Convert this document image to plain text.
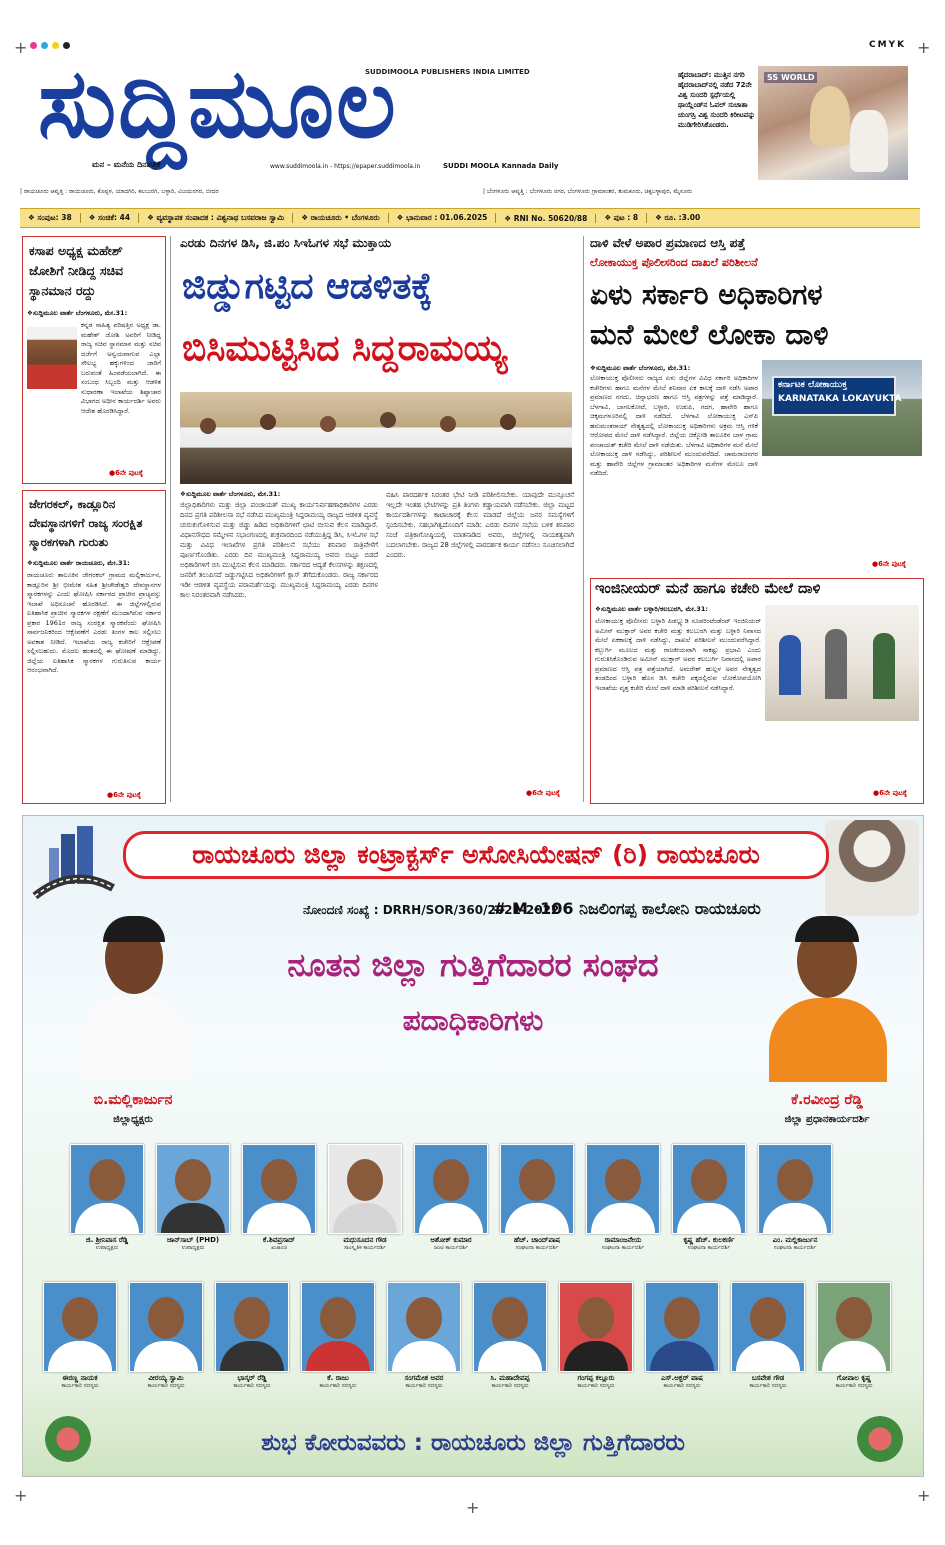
+	+
+	+
+
CMYK
ಸುದ್ದಿಮೂಲ
SUDDIMOOLA PUBLISHERS INDIA LIMITED
ಮನ – ಮನೆಯ ದಿನಪತ್ರಿಕೆ	www.suddimoola.in - https://epaper.suddimoola.in	SUDDI MOOLA Kannada Daily
ಹೈದರಾಬಾದ್: ಮುತ್ತಿನ ನಗರಿ ಹೈದರಾಬಾದ್‌ನಲ್ಲಿ ನಡೆದ 72ನೇ ವಿಶ್ವ ಸುಂದರಿ ಸ್ಪರ್ಧೆಯಲ್ಲಿ ಥಾಯ್ಲೆಂಡ್‌ನ ಓಪಲ್ ಸುಚಾತಾ ಚುಂಗಸ್ರಿ ವಿಶ್ವ ಸುಂದರಿ ಕಿರೀಟವನ್ನು ಮುಡಿಗೇರಿಸಿಕೊಂಡರು.
SS WORLD
| ರಾಯಚೂರು ಆವೃತ್ತಿ : ರಾಯಚೂರು, ಕೊಪ್ಪಳ, ಯಾದಗಿರಿ, ಕಲಬುರಗಿ, ಬಳ್ಳಾರಿ, ವಿಜಯನಗರ, ಬೀದರ	| ಬೆಂಗಳೂರು ಆವೃತ್ತಿ : ಬೆಂಗಳೂರು ನಗರ, ಬೆಂಗಳೂರು ಗ್ರಾಮಾಂತರ, ತುಮಕೂರು, ಚಿಕ್ಕಬಳ್ಳಾಪುರ, ಮೈಸೂರು
❖ ಸಂಪುಟ: 38	❖ ಸಂಚಿಕೆ: 44	❖ ವ್ಯವಸ್ಥಾಪಕ ಸಂಪಾದಕ : ವಿಶ್ವನಾಥ ಬಸವರಾಜ ಸ್ವಾಮಿ	❖ ರಾಯಚೂರು • ಬೆಂಗಳೂರು	❖ ಭಾನುವಾರ : 01.06.2025	❖ RNI No. 50620/88	❖ ಪುಟ : 8	❖ ರೂ. :3.00
ಕಸಾಪ ಅಧ್ಯಕ್ಷ ಮಹೇಶ್ ಜೋಶಿಗೆ ನೀಡಿದ್ದ ಸಚಿವ ಸ್ಥಾನಮಾನ ರದ್ದು
❖ಸುದ್ದಿಮೂಲ ವಾರ್ತೆ ಬೆಂಗಳೂರು, ಮೇ.31:
ಕನ್ನಡ ಸಾಹಿತ್ಯ ಪರಿಷತ್ತಿನ ಅಧ್ಯಕ್ಷ ಡಾ. ಮಹೇಶ್ ಜೋಶಿ ಅವರಿಗೆ ನೀಡಿದ್ದ ರಾಜ್ಯ ಸಚಿವ ಸ್ಥಾನಮಾನ ಮತ್ತು ಸಚಿವ ದರ್ಜೆಗೆ ಅನ್ವಯವಾಗುವ ಎಲ್ಲಾ ಸೌಲಭ್ಯ ಹಕ್ಕುಗಳಿಂದ ಜಾರಿಗೆ ಬರುವಂತೆ ಹಿಂಪಡೆಯಲಾಗಿದೆ. ಈ ಸಂಬಂಧ ಸಿಬ್ಬಂದಿ ಮತ್ತು ಆಡಳಿತ ಸುಧಾರಣಾ ಇಲಾಖೆಯ ಶಿಷ್ಟಾಚಾರ ವಿಭಾಗದ ಅಧೀನ ಕಾರ್ಯದರ್ಶಿ ಅವರು ಆದೇಶ ಹೊರಡಿಸಿದ್ದಾರೆ.
●6ನೇ ಪುಟಕ್ಕೆ
ಜೇಗರಕಲ್, ಕಾಡ್ಲೂರಿನ ದೇವಸ್ಥಾನಗಳಿಗೆ ರಾಜ್ಯ ಸಂರಕ್ಷಿತ ಸ್ಮಾರಕಗಳಾಗಿ ಗುರುತು
❖ಸುದ್ದಿಮೂಲ ವಾರ್ತೆ ರಾಯಚೂರು, ಮೇ.31:
ರಾಯಚೂರು ತಾಲೂಕಿನ ಜೇಗರಕಲ್ ಗ್ರಾಮದ ಮಲ್ಲಿಕಾರ್ಜುನ, ಕಾಡ್ಲೂರಿನ ಶ್ರೀ ಭೀಮೇಶ ಸಹಿತ ಶ್ರೀಚೌಡೇಶ್ವರಿ ದೇವಸ್ಥಾನಗಳ ಸ್ಮಾರಕಗಳನ್ನು ಎಂದು ಘೋಷಿಸಿ ಸರ್ಕಾರದ ಪ್ರಾಚೀನ ಪ್ರಾಚ್ಯವಸ್ತು ಇಲಾಖೆ ಅಧಿಸೂಚನೆ ಹೊರಡಿಸಿದೆ. ಈ ಜಿಲ್ಲೆಗಳಲ್ಲಿರುವ ಐತಿಹಾಸಿಕ ಪ್ರಾಚೀನ ಸ್ಮಾರಕಗಳ ರಕ್ಷಣೆಗೆ ಮುಂದಾಗಿರುವ ಸರ್ಕಾರ ಪ್ರಕಾರ 1961ರ ರಾಜ್ಯ ಸಂರಕ್ಷಿತ ಸ್ಮಾರಕವೆಂದು ಘೋಷಿಸಿ ಸಾರ್ವಜನಿಕರಿಂದ ಆಕ್ಷೇಪಣೆಗೆ ಎರಡು ತಿಂಗಳ ಕಾಲ ಸಲ್ಲಿಸಲು ಅವಕಾಶ ನೀಡಿದೆ. ಇಲಾಖೆಯ ರಾಜ್ಯ ಕಚೇರಿಗೆ ಆಕ್ಷೇಪಣೆ ಸಲ್ಲಿಸಬಹುದು. ಮೊದಲ ಹಂತದಲ್ಲಿ ಈ ಘೋಷಣೆ ಮಾಡಿದ್ದು, ಜಿಲ್ಲೆಯ ಐತಿಹಾಸಿಕ ಸ್ಮಾರಕಗಳ ಗುರುತಿಸುವ ಕಾರ್ಯ ಆರಂಭವಾಗಿದೆ.
●6ನೇ ಪುಟಕ್ಕೆ
ಎರಡು ದಿನಗಳ ಡಿಸಿ, ಜಿ.ಪಂ ಸಿಇಓಗಳ ಸಭೆ ಮುಕ್ತಾಯ
ಜಿಡ್ಡುಗಟ್ಟಿದ ಆಡಳಿತಕ್ಕೆ
ಬಿಸಿಮುಟ್ಟಿಸಿದ ಸಿದ್ದರಾಮಯ್ಯ
❖ಸುದ್ದಿಮೂಲ ವಾರ್ತೆ ಬೆಂಗಳೂರು, ಮೇ.31:
ಜಿಲ್ಲಾಧಿಕಾರಿಗಳು ಮತ್ತು ಜಿಲ್ಲಾ ಪಂಚಾಯತ್ ಮುಖ್ಯ ಕಾರ್ಯನಿರ್ವಹಣಾಧಿಕಾರಿಗಳ ಎರಡು ದಿನದ ಪ್ರಗತಿ ಪರಿಶೀಲನಾ ಸಭೆ ನಡೆಸಿದ ಮುಖ್ಯಮಂತ್ರಿ ಸಿದ್ದರಾಮಯ್ಯ ರಾಜ್ಯದ ಆಡಳಿತ ವ್ಯವಸ್ಥೆ ಚುರುಕುಗೊಳಿಸುವ ಮತ್ತು ಜಿಡ್ಡು ಹಿಡಿದ ಅಧಿಕಾರಿಗಳಿಗೆ ಛಾಟಿ ಬೀಸುವ ಕೆಲಸ ಮಾಡಿದ್ದಾರೆ. ವಿಧಾನಸೌಧದ ಸಮ್ಮೇಳನ ಸಭಾಂಗಣದಲ್ಲಿ ಶುಕ್ರವಾರದಿಂದ ನಡೆಯುತ್ತಿದ್ದ ಡಿಸಿ, ಸಿಇಓಗಳ ಸಭೆ ಮತ್ತು ವಿವಿಧ ಇಲಾಖೆಗಳ ಪ್ರಗತಿ ಪರಿಶೀಲನೆ ಸಭೆಯು ಶನಿವಾರ ರಾತ್ರಿವೇಳೆಗೆ ಪೂರ್ಣಗೊಂಡಿತು. ಎರಡು ದಿನ ಮುಖ್ಯಮಂತ್ರಿ ಸಿದ್ದರಾಮಯ್ಯ ಅವರು ಬಿಟ್ಟೂ ಬಿಡದೆ ಅಧಿಕಾರಿಗಳಿಗೆ ಬಿಸಿ ಮುಟ್ಟಿಸುವ ಕೆಲಸ ಮಾಡಿದರು. ಸರ್ಕಾರದ ಆದ್ಯತೆ ಕೆಲಸಗಳನ್ನು ತಕ್ಷಣದಲ್ಲಿ ಜನರಿಗೆ ತಲುಪಿಸದೆ ಜಡ್ಡುಗಟ್ಟಿಸಿದ ಅಧಿಕಾರಿಗಳಿಗೆ ಕ್ಲಾಸ್ ತೆಗೆದುಕೊಂಡರು. ರಾಜ್ಯ ಸರ್ಕಾರದ ಇಡೀ ಆಡಳಿತ ವ್ಯವಸ್ಥೆಯ ಪರಾಮರ್ಶೆಯನ್ನು ಮುಖ್ಯಮಂತ್ರಿ ಸಿದ್ದರಾಮಯ್ಯ ಎರಡು ದಿನಗಳ ಕಾಲ ನಿರಂತರವಾಗಿ ನಡೆಸಿದರು.
ವಹಿಸಿ ಪಾರದರ್ಶಕ ನಿರಂತರ ಭೇಟಿ ನೀಡಿ ಪರಿಶೀಲಿಸಬೇಕು. ಯಾವುದೇ ಮುನ್ಸೂಚನೆ ಇಲ್ಲದೇ ಇಂತಹ ಭೇಟಿಗಳನ್ನು ಪ್ರತಿ ತಿಂಗಳು ಕಡ್ಡಾಯವಾಗಿ ನಡೆಸಬೇಕು. ಜಿಲ್ಲಾ ಮಟ್ಟದ ಕಾರ್ಯದರ್ಶಿಗಳನ್ನು ಕಾಟಾಚಾರಕ್ಕೆ ಕೆಲಸ ಮಾಡದೆ ಜಿಲ್ಲೆಯ ಜನರ ಸಮಸ್ಯೆಗಳಿಗೆ ಸ್ಪಂದಿಸಬೇಕು. ಸಹಭಾಗಿತ್ವದೊಂದಿಗೆ ಮಾಡಿ: ಎರಡು ದಿನಗಳ ಸಭೆಯ ಬಳಿಕ ಶನಿವಾರ ಸಂಜೆ ಪತ್ರಿಕಾಗೋಷ್ಠಿಯಲ್ಲಿ ಮಾತನಾಡಿದ ಅವರು, ಜಿಲ್ಲೆಗಳಲ್ಲಿ ನಾಯಕತ್ವವಾಗಿ ಬದಲಾಗಬೇಕು. ರಾಜ್ಯದ 28 ಜಿಲ್ಲೆಗಳಲ್ಲಿ ಪಾರದರ್ಶಕ ಕಾರ್ಯ ನಡೆಸಲು ಸೂಚಿಸಲಾಗಿದೆ ಎಂದರು.
●6ನೇ ಪುಟಕ್ಕೆ
ದಾಳಿ ವೇಳೆ ಅಪಾರ ಪ್ರಮಾಣದ ಆಸ್ತಿ ಪತ್ತೆ
ಲೋಕಾಯುಕ್ತ ಪೊಲೀಸರಿಂದ ದಾಖಲೆ ಪರಿಶೀಲನೆ
ಏಳು ಸರ್ಕಾರಿ ಅಧಿಕಾರಿಗಳ
ಮನೆ ಮೇಲೆ ಲೋಕಾ ದಾಳಿ
❖ಸುದ್ದಿಮೂಲ ವಾರ್ತೆ ಬೆಂಗಳೂರು, ಮೇ.31:
ಕರ್ನಾಟಕ ಲೋಕಾಯುಕ್ತ
KARNATAKA LOKAYUKTA
ಲೋಕಾಯುಕ್ತ ಪೊಲೀಸರು ರಾಜ್ಯದ ಏಳು ಜಿಲ್ಲೆಗಳ ವಿವಿಧ ಸರ್ಕಾರಿ ಅಧಿಕಾರಿಗಳ ಕಚೇರಿಗಳು ಹಾಗೂ ಮನೆಗಳ ಮೇಲೆ ಶನಿವಾರ ಏಕ ಕಾಲಕ್ಕೆ ದಾಳಿ ನಡೆಸಿ ಅಪಾರ ಪ್ರಮಾಣದ ನಗದು, ಚಿನ್ನಾಭರಣ ಹಾಗೂ ಆಸ್ತಿ ಪತ್ರಗಳನ್ನು ಪತ್ತೆ ಮಾಡಿದ್ದಾರೆ. ಬೆಳಗಾವಿ, ಬಾಗಲಕೋಟೆ, ಬಳ್ಳಾರಿ, ಉಡುಪಿ, ಗದಗ, ಹಾವೇರಿ ಹಾಗೂ ಚಿಕ್ಕಮಗಳೂರಿನಲ್ಲಿ ದಾಳಿ ನಡೆದಿದೆ. ಬೆಳಗಾವಿ ಲೋಕಾಯುಕ್ತ ಎಸ್‌ಪಿ ಹನುಮಂತರಾಯ್ ನೇತೃತ್ವದಲ್ಲಿ ಲೋಕಾಯುಕ್ತ ಅಧಿಕಾರಿಗಳು ಅಕ್ರಮ ಆಸ್ತಿ ಗಳಿಕೆ ಆರೋಪದ ಮೇಲೆ ದಾಳಿ ನಡೆಸಿದ್ದಾರೆ. ಜಿಲ್ಲೆಯ ಚಿಕ್ಕೋಡಿ ತಾಲೂಕಿನ ಬಾಳ ಗ್ರಾಮ ಪಂಚಾಯತ್ ಕಚೇರಿ ಮೇಲೆ ದಾಳಿ ನಡೆಯಿತು. ಬೆಳಗಾವಿ ಅಧಿಕಾರಿಗಳ ಮನೆ ಮೇಲೆ ಲೋಕಾಯುಕ್ತ ದಾಳಿ ನಡೆಸಿದ್ದು, ಪರಿಶೀಲನೆ ಮುಂದುವರೆದಿದೆ. ಚಾಮರಾಜನಗರ ಮತ್ತು ಹಾವೇರಿ ಜಿಲ್ಲೆಗಳ ಗ್ರಾಮಾಂತರ ಅಧಿಕಾರಿಗಳ ಮನೆಗಳ ಮೇಲೂ ದಾಳಿ ನಡೆದಿದೆ.
●6ನೇ ಪುಟಕ್ಕೆ
ಇಂಜಿನೀಯರ್ ಮನೆ ಹಾಗೂ ಕಚೇರಿ ಮೇಲೆ ದಾಳಿ
❖ಸುದ್ದಿಮೂಲ ವಾರ್ತೆ ಬಳ್ಳಾರಿ/ಕಲಬುರಗಿ, ಮೇ.31:
ಲೋಕಾಯುಕ್ತ ಪೊಲೀಸರು ಬಳ್ಳಾರಿ ಪಿಡಬ್ಲ್ಯುಡಿ ಸೂಪರಿಂಟೆಂಡೆಂಟ್ ಇಂಜಿನಿಯರ್ ಅಮೀನ್ ಮುಕ್ತಾರ್ ಅವರ ಕಚೇರಿ ಮತ್ತು ಕಲಬುರಗಿ ಮತ್ತು ಬಳ್ಳಾರಿ ನಿವಾಸದ ಮೇಲೆ ಏಕಕಾಲಕ್ಕೆ ದಾಳಿ ನಡೆಸಿದ್ದು, ದಾಖಲೆ ಪರಿಶೀಲನೆ ಮುಂದುವರೆಸಿದ್ದಾರೆ. ಕಲ್ಬುರ್ಗಿ ಮೂಲದ ಮತ್ತು ರಾಜಕೀಯವಾಗಿ ಸಾಕಷ್ಟು ಪ್ರಭಾವಿ ಎಂದು ಗುರುತಿಸಿಕೊಂಡಿರುವ ಅಮೀನ್ ಮುಕ್ತಾರ್ ಅವರ ಕಲಬುರ್ಗಿ ನಿವಾಸದಲ್ಲಿ ಅಪಾರ ಪ್ರಮಾಣದ ಆಸ್ತಿ ಪತ್ರ ಪತ್ತೆಯಾಗಿದೆ. ಅಮರೇಶ್ ಹುಲ್ಲಳ ಅವರ ನೇತೃತ್ವದ ತಂಡದಿಂದ ಬಳ್ಳಾರಿ ಹೊಸ ಡಿಸಿ ಕಚೇರಿ ಪಕ್ಕದಲ್ಲಿರುವ ಲೋಕೋಪಯೋಗಿ ಇಲಾಖೆಯ ವೃತ್ತ ಕಚೇರಿ ಮೇಲೆ ದಾಳಿ ಮಾಡಿ ಪರಿಶೀಲನೆ ನಡೆಸಿದ್ದಾರೆ.
●6ನೇ ಪುಟಕ್ಕೆ
ರಾಯಚೂರು ಜಿಲ್ಲಾ ಕಂಟ್ರಾಕ್ಟರ್ಸ್ ಅಸೋಸಿಯೇಷನ್ (ರಿ) ರಾಯಚೂರು
ನೋಂದಣಿ ಸಂಖ್ಯೆ : DRRH/SOR/360/2021-2022
# M -106 ನಿಜಲಿಂಗಪ್ಪ ಕಾಲೋನಿ ರಾಯಚೂರು
ನೂತನ ಜಿಲ್ಲಾ ಗುತ್ತಿಗೆದಾರರ ಸಂಘದ
ಪದಾಧಿಕಾರಿಗಳು
ಬಿ.ಮಲ್ಲಿಕಾರ್ಜುನ
ಜಿಲ್ಲಾಧ್ಯಕ್ಷರು
ಕೆ.ರವೀಂದ್ರ ರೆಡ್ಡಿ
ಜಿಲ್ಲಾ ಪ್ರಧಾನಕಾರ್ಯದರ್ಶಿ
ಜಿ. ಶ್ರೀನಿವಾಸ ರೆಡ್ಡಿ
ಉಪಾಧ್ಯಕ್ಷರು
ಜಾನ್‌ಸಾಬ್ (PHD)
ಉಪಾಧ್ಯಕ್ಷರು
ಕೆ.ಶಿವಪ್ರಸಾದ್
ಖಜಾಂಚಿ
ಮಧುಸೂದನ ಗೌಡ
ಸಾಂಸ್ಕೃತಿಕ ಕಾರ್ಯದರ್ಶಿ
ಅಶೋಕ್ ಕುಮಾರ
ಜಂಟಿ ಕಾರ್ಯದರ್ಶಿ
ಹೆಚ್. ಚಾಂದ್‌ಪಾಷ
ಸಂಘಟನಾ ಕಾರ್ಯದರ್ಶಿ
ರಾಮಾಂಜನೇಯ
ಸಂಘಟನಾ ಕಾರ್ಯದರ್ಶಿ
ಕೃಷ್ಣ ಹೆಚ್. ಕುಲಕರ್ಣಿ
ಸಂಘಟನಾ ಕಾರ್ಯದರ್ಶಿ
ಎಂ. ಮಲ್ಲಿಕಾರ್ಜುನ
ಸಂಘಟನಾ ಕಾರ್ಯದರ್ಶಿ
ಈರಣ್ಣ ನಾಯಕ
ಕಾರ್ಯಕಾರಿ ಸದಸ್ಯರು
ವೀರಯ್ಯ ಸ್ವಾಮಿ
ಕಾರ್ಯಕಾರಿ ಸದಸ್ಯರು
ಭಾಸ್ಕರ್ ರೆಡ್ಡಿ
ಕಾರ್ಯಕಾರಿ ಸದಸ್ಯರು
ಕೆ. ರಾಜು
ಕಾರ್ಯಕಾರಿ ಸದಸ್ಯರು
ಸಂಗಮೇಶ ಅವರ
ಕಾರ್ಯಕಾರಿ ಸದಸ್ಯರು
ಸಿ. ಮಹಾದೇವಪ್ಪ
ಕಾರ್ಯಕಾರಿ ಸದಸ್ಯರು
ಗಂಗಪ್ಪ ಕಲ್ಲೂರು
ಕಾರ್ಯಕಾರಿ ಸದಸ್ಯರು
ಎಸ್.ಅಕ್ಬರ್ ಪಾಷ
ಕಾರ್ಯಕಾರಿ ಸದಸ್ಯರು
ಬಸವೇಶ ಗೌಡ
ಕಾರ್ಯಕಾರಿ ಸದಸ್ಯರು
ಗೋಪಾಲ ಕೃಷ್ಣ
ಕಾರ್ಯಕಾರಿ ಸದಸ್ಯರು
ಶುಭ ಕೋರುವವರು : ರಾಯಚೂರು ಜಿಲ್ಲಾ ಗುತ್ತಿಗೆದಾರರು
